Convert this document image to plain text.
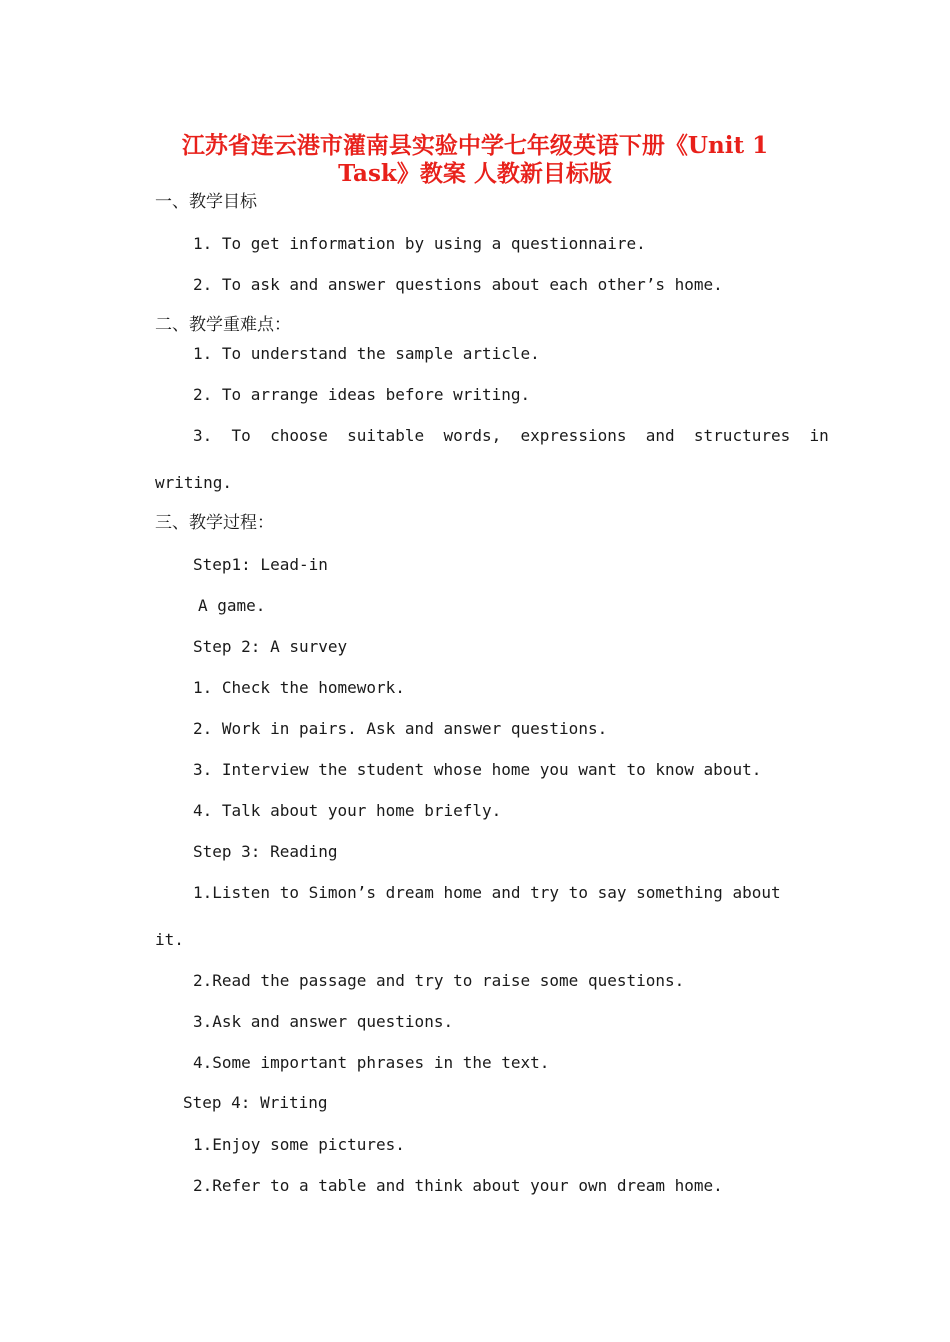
江苏省连云港市灌南县实验中学七年级英语下册《Unit 1
Task》教案 人教新目标版
一、教学目标
1. To get information by using a questionnaire.
2. To ask and answer questions about each other’s home.
二、教学重难点：
1. To understand the sample article.
2. To arrange ideas before writing.
3.  To  choose  suitable  words,  expressions  and  structures  in
writing.
三、教学过程：
Step1: Lead-in
A game.
Step 2: A survey
1. Check the homework.
2. Work in pairs. Ask and answer questions.
3. Interview the student whose home you want to know about.
4. Talk about your home briefly.
Step 3: Reading
1.Listen to Simon’s dream home and try to say something about
it.
2.Read the passage and try to raise some questions.
3.Ask and answer questions.
4.Some important phrases in the text.
Step 4: Writing
1.Enjoy some pictures.
2.Refer to a table and think about your own dream home.
